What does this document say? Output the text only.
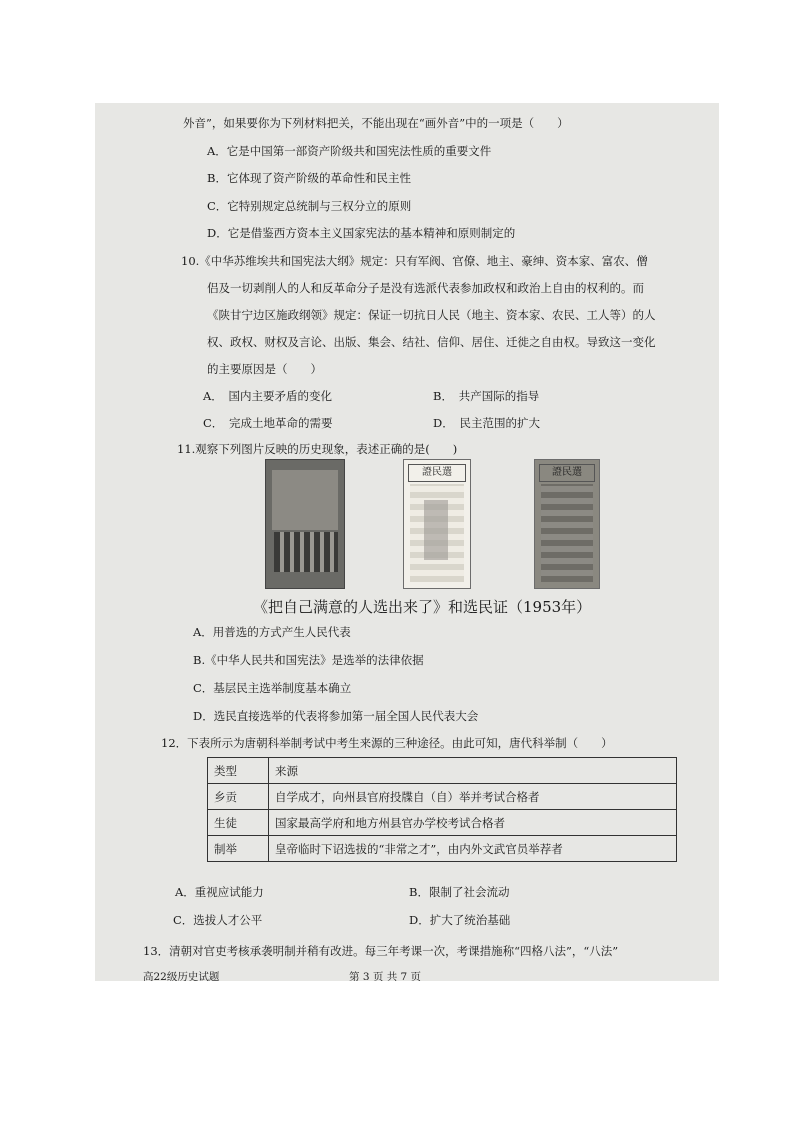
外音”，如果要你为下列材料把关，不能出现在“画外音”中的一项是（　　）
A．它是中国第一部资产阶级共和国宪法性质的重要文件
B．它体现了资产阶级的革命性和民主性
C．它特别规定总统制与三权分立的原则
D．它是借鉴西方资本主义国家宪法的基本精神和原则制定的
10.《中华苏维埃共和国宪法大纲》规定：只有军阀、官僚、地主、豪绅、资本家、富农、僧
侣及一切剥削人的人和反革命分子是没有选派代表参加政权和政治上自由的权利的。而
《陕甘宁边区施政纲领》规定：保证一切抗日人民（地主、资本家、农民、工人等）的人
权、政权、财权及言论、出版、集会、结社、信仰、居住、迁徙之自由权。导致这一变化
的主要原因是（　　）
A．　国内主要矛盾的变化	B．　共产国际的指导
C．　完成土地革命的需要	D．　民主范围的扩大
11.观察下列图片反映的历史现象，表述正确的是(　　)
證民選	證民選
《把自己满意的人选出来了》和选民证（1953年）
A．用普选的方式产生人民代表
B.《中华人民共和国宪法》是选举的法律依据
C．基层民主选举制度基本确立
D．选民直接选举的代表将参加第一届全国人民代表大会
12．下表所示为唐朝科举制考试中考生来源的三种途径。由此可知，唐代科举制（　　）
类型	来源
乡贡	自学成才，向州县官府投牒自（自）举并考试合格者
生徒	国家最高学府和地方州县官办学校考试合格者
制举	皇帝临时下诏选拔的“非常之才”，由内外文武官员举荐者
A．重视应试能力	B．限制了社会流动
C．选拔人才公平	D．扩大了统治基础
13．清朝对官吏考核承袭明制并稍有改进。每三年考课一次，考课措施称“四格八法”，“八法”
高22级历史试题	第 3 页 共 7 页
